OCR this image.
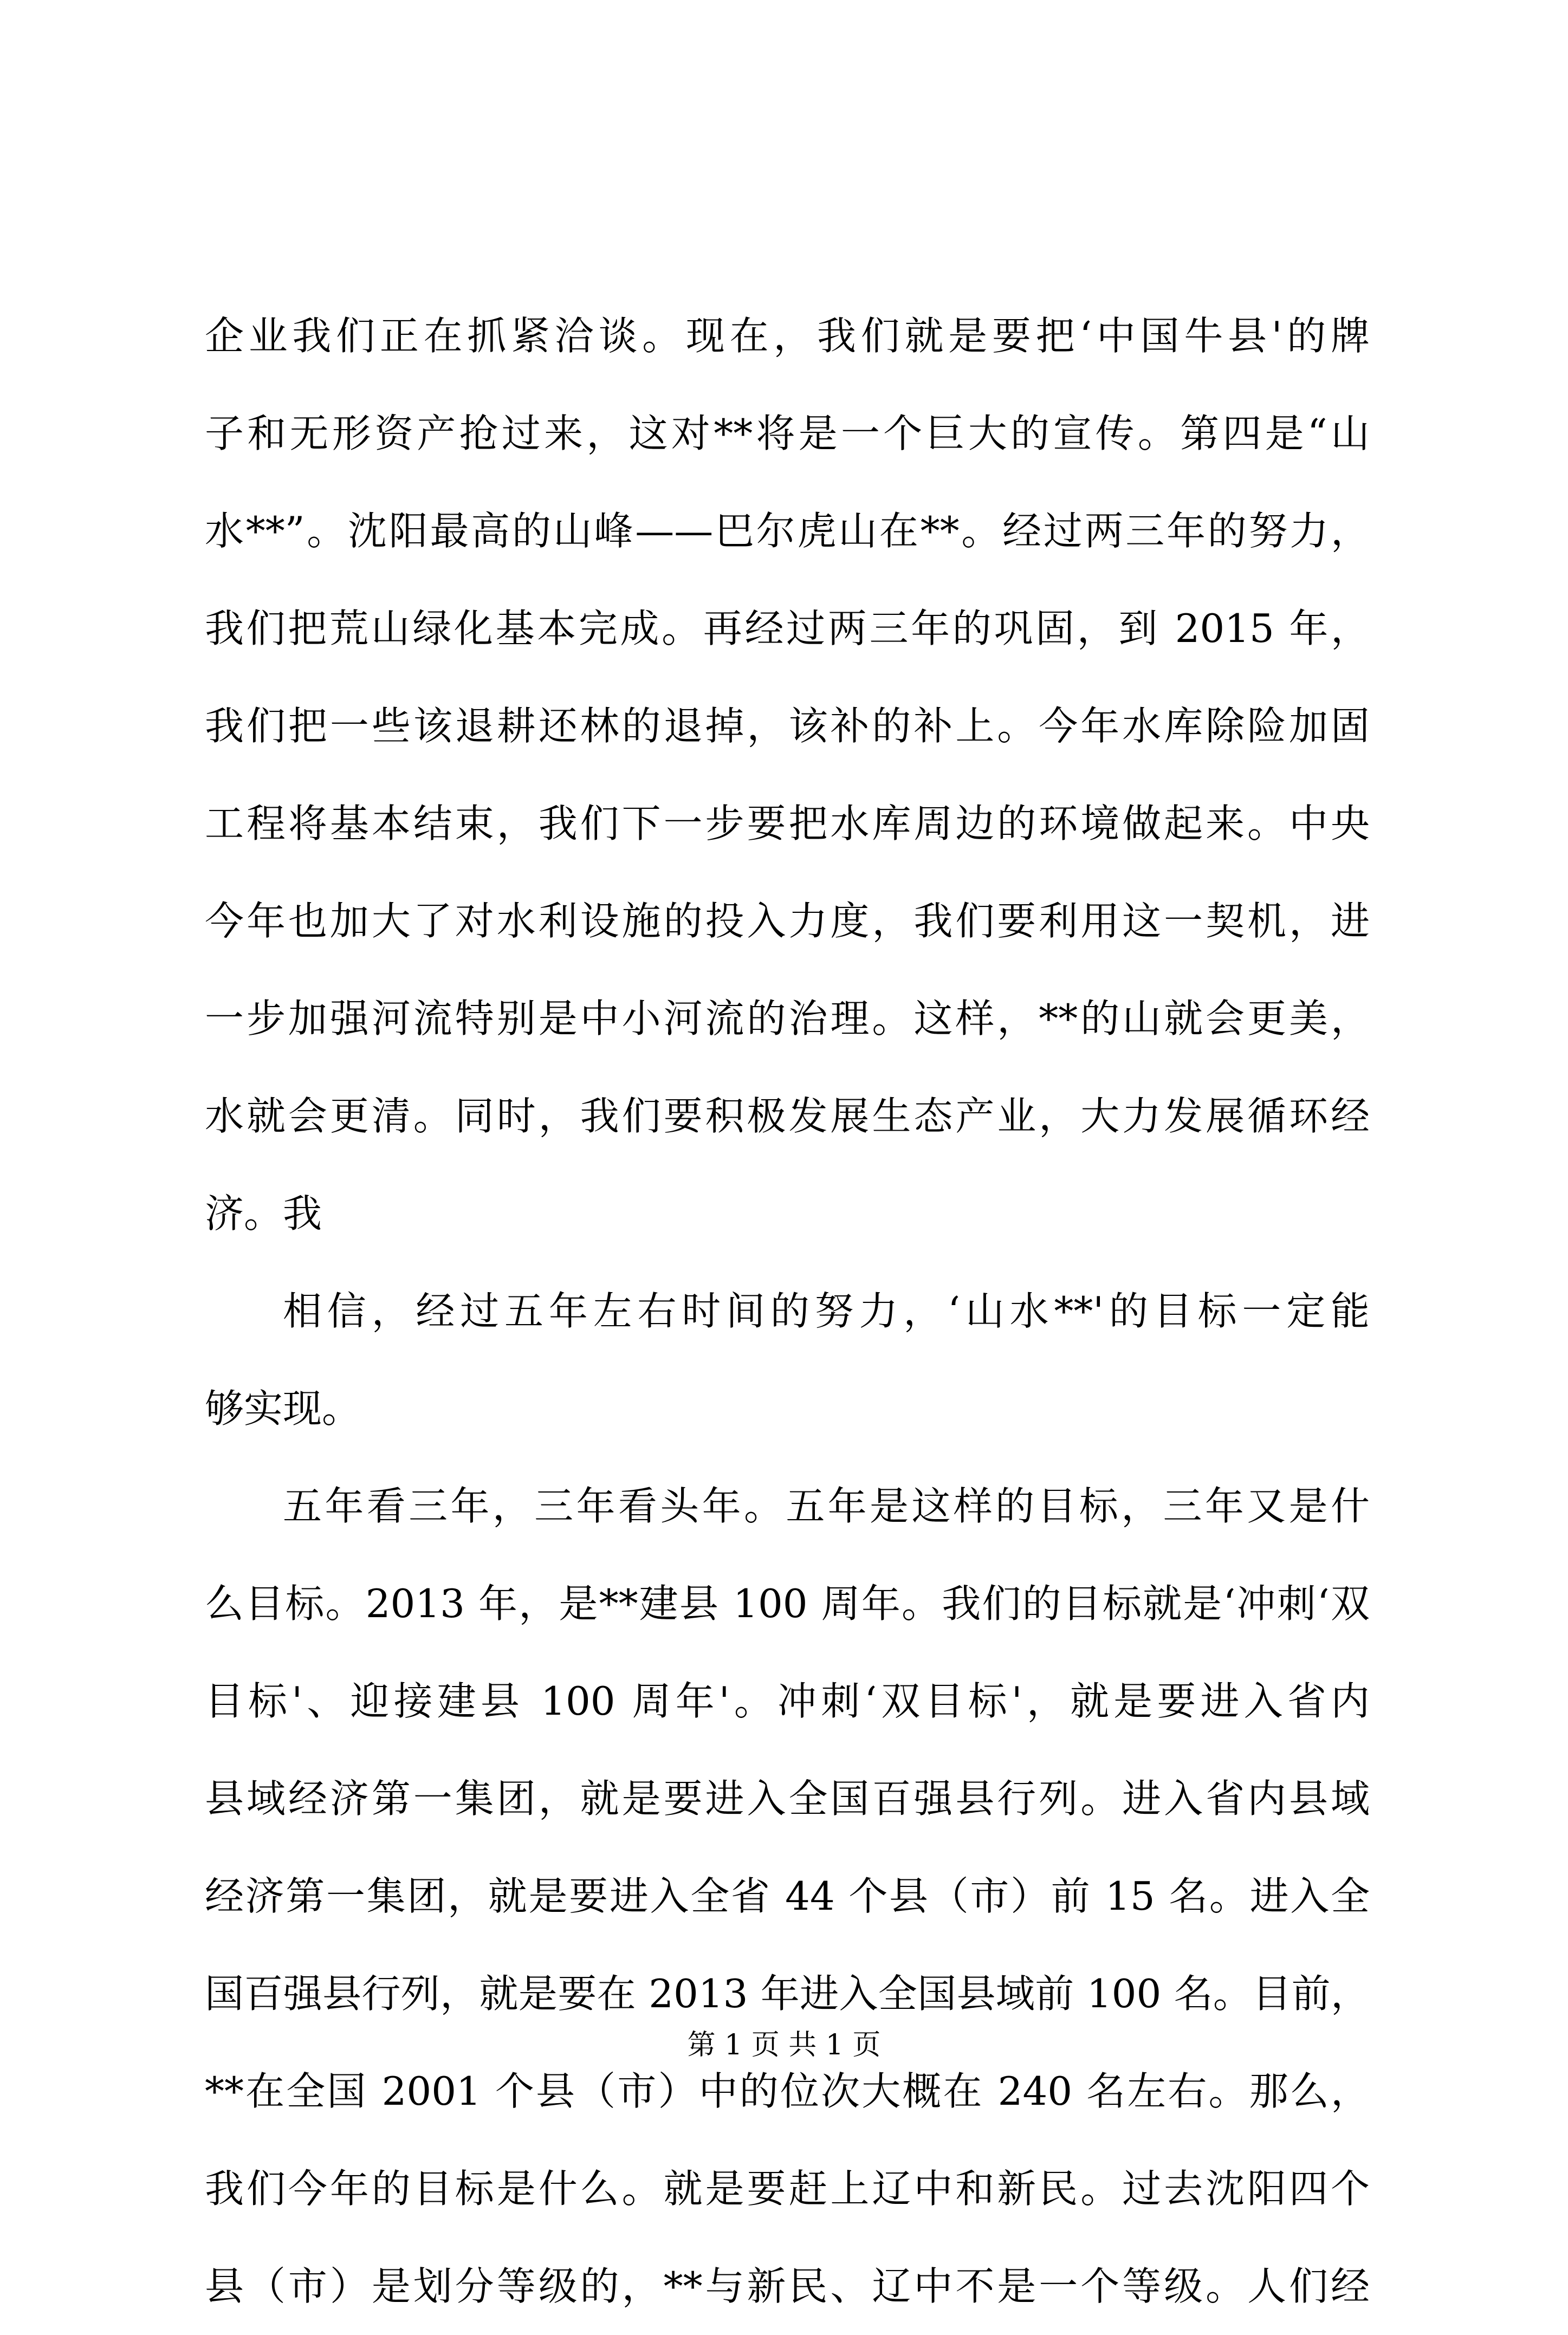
企业我们正在抓紧洽谈。现在，我们就是要把‘中国牛县'的牌
子和无形资产抢过来，这对**将是一个巨大的宣传。第四是“山
水**”。沈阳最高的山峰——巴尔虎山在**。经过两三年的努力，
我们把荒山绿化基本完成。再经过两三年的巩固，到 2015 年，
我们把一些该退耕还林的退掉，该补的补上。今年水库除险加固
工程将基本结束，我们下一步要把水库周边的环境做起来。中央
今年也加大了对水利设施的投入力度，我们要利用这一契机，进
一步加强河流特别是中小河流的治理。这样，**的山就会更美，
水就会更清。同时，我们要积极发展生态产业，大力发展循环经
济。我
相信，经过五年左右时间的努力，‘山水**'的目标一定能
够实现。
五年看三年，三年看头年。五年是这样的目标，三年又是什
么目标。2013 年，是**建县 100 周年。我们的目标就是‘冲刺‘双
目标'、迎接建县 100 周年'。冲刺‘双目标'，就是要进入省内
县域经济第一集团，就是要进入全国百强县行列。进入省内县域
经济第一集团，就是要进入全省 44 个县（市）前 15 名。进入全
国百强县行列，就是要在 2013 年进入全国县域前 100 名。目前，
**在全国 2001 个县（市）中的位次大概在 240 名左右。那么，
我们今年的目标是什么。就是要赶上辽中和新民。过去沈阳四个
县（市）是划分等级的，**与新民、辽中不是一个等级。人们经
第 1 页 共 1 页
